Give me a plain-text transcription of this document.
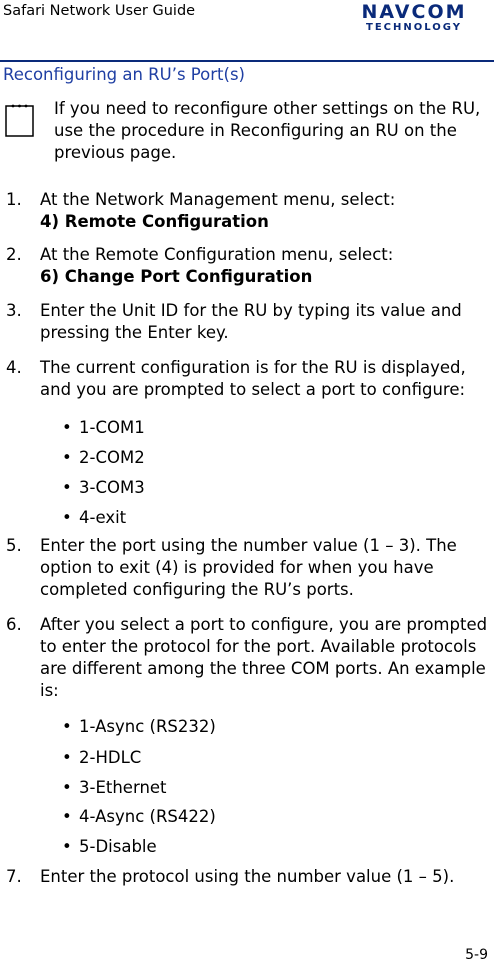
Safari Network User Guide	NAVCOM
TECHNOLOGY
Reconfiguring an RU’s Port(s)
If you need to reconfigure other settings on the RU, use the procedure in Reconfiguring an RU on the previous page.
1. At the Network Management menu, select:
4) Remote Configuration
2. At the Remote Configuration menu, select:
6) Change Port Configuration
3. Enter the Unit ID for the RU by typing its value and pressing the Enter key.
4. The current configuration is for the RU is displayed, and you are prompted to select a port to configure:
• 1-COM1
• 2-COM2
• 3-COM3
• 4-exit
5. Enter the port using the number value (1 – 3). The option to exit (4) is provided for when you have completed configuring the RU’s ports.
6. After you select a port to configure, you are prompted to enter the protocol for the port. Available protocols are different among the three COM ports. An example is:
• 1-Async (RS232)
• 2-HDLC
• 3-Ethernet
• 4-Async (RS422)
• 5-Disable
7. Enter the protocol using the number value (1 – 5).
5-9
